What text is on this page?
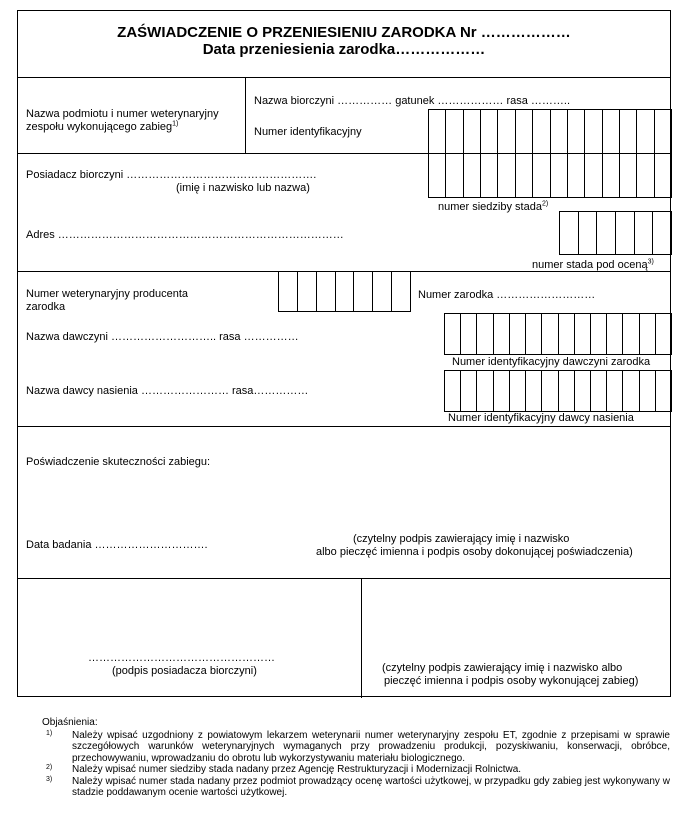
ZAŚWIADCZENIE O PRZENIESIENIU ZARODKA Nr ………………
Data przeniesienia zarodka………………
Nazwa podmiotu i numer weterynaryjny
zespołu wykonującego zabieg$^{1)}$
Nazwa biorczyni …………… gatunek ……………… rasa ………..
Numer identyfikacyjny
Posiadacz biorczyni …………………………………………….
(imię i nazwisko lub nazwa)
numer siedziby stada$^{2)}$
Adres ……………………………………………………………………
numer stada pod oceną$^{3)}$
Numer weterynaryjny producenta
zarodka
Numer zarodka ………………………
Nazwa dawczyni ……………………….. rasa ……………
Numer identyfikacyjny dawczyni zarodka
Nazwa dawcy nasienia …………………… rasa……………
Numer identyfikacyjny dawcy nasienia
Poświadczenie skuteczności zabiegu:
Data badania ………………………….	(czytelny podpis zawierający imię i nazwisko
albo pieczęć imienna i podpis osoby dokonującej poświadczenia)
……………………………………………
(podpis posiadacza biorczyni)	(czytelny podpis zawierający imię i nazwisko albo
pieczęć imienna i podpis osoby wykonującej zabieg)
Objaśnienia:
1) Należy wpisać uzgodniony z powiatowym lekarzem weterynarii numer weterynaryjny zespołu ET, zgodnie z przepisami w sprawie szczegółowych warunków weterynaryjnych wymaganych przy prowadzeniu produkcji, pozyskiwaniu, konserwacji, obróbce, przechowywaniu, wprowadzaniu do obrotu lub wykorzystywaniu materiału biologicznego.
2) Należy wpisać numer siedziby stada nadany przez Agencję Restrukturyzacji i Modernizacji Rolnictwa.
3) Należy wpisać numer stada nadany przez podmiot prowadzący ocenę wartości użytkowej, w przypadku gdy zabieg jest wykonywany w stadzie poddawanym ocenie wartości użytkowej.
